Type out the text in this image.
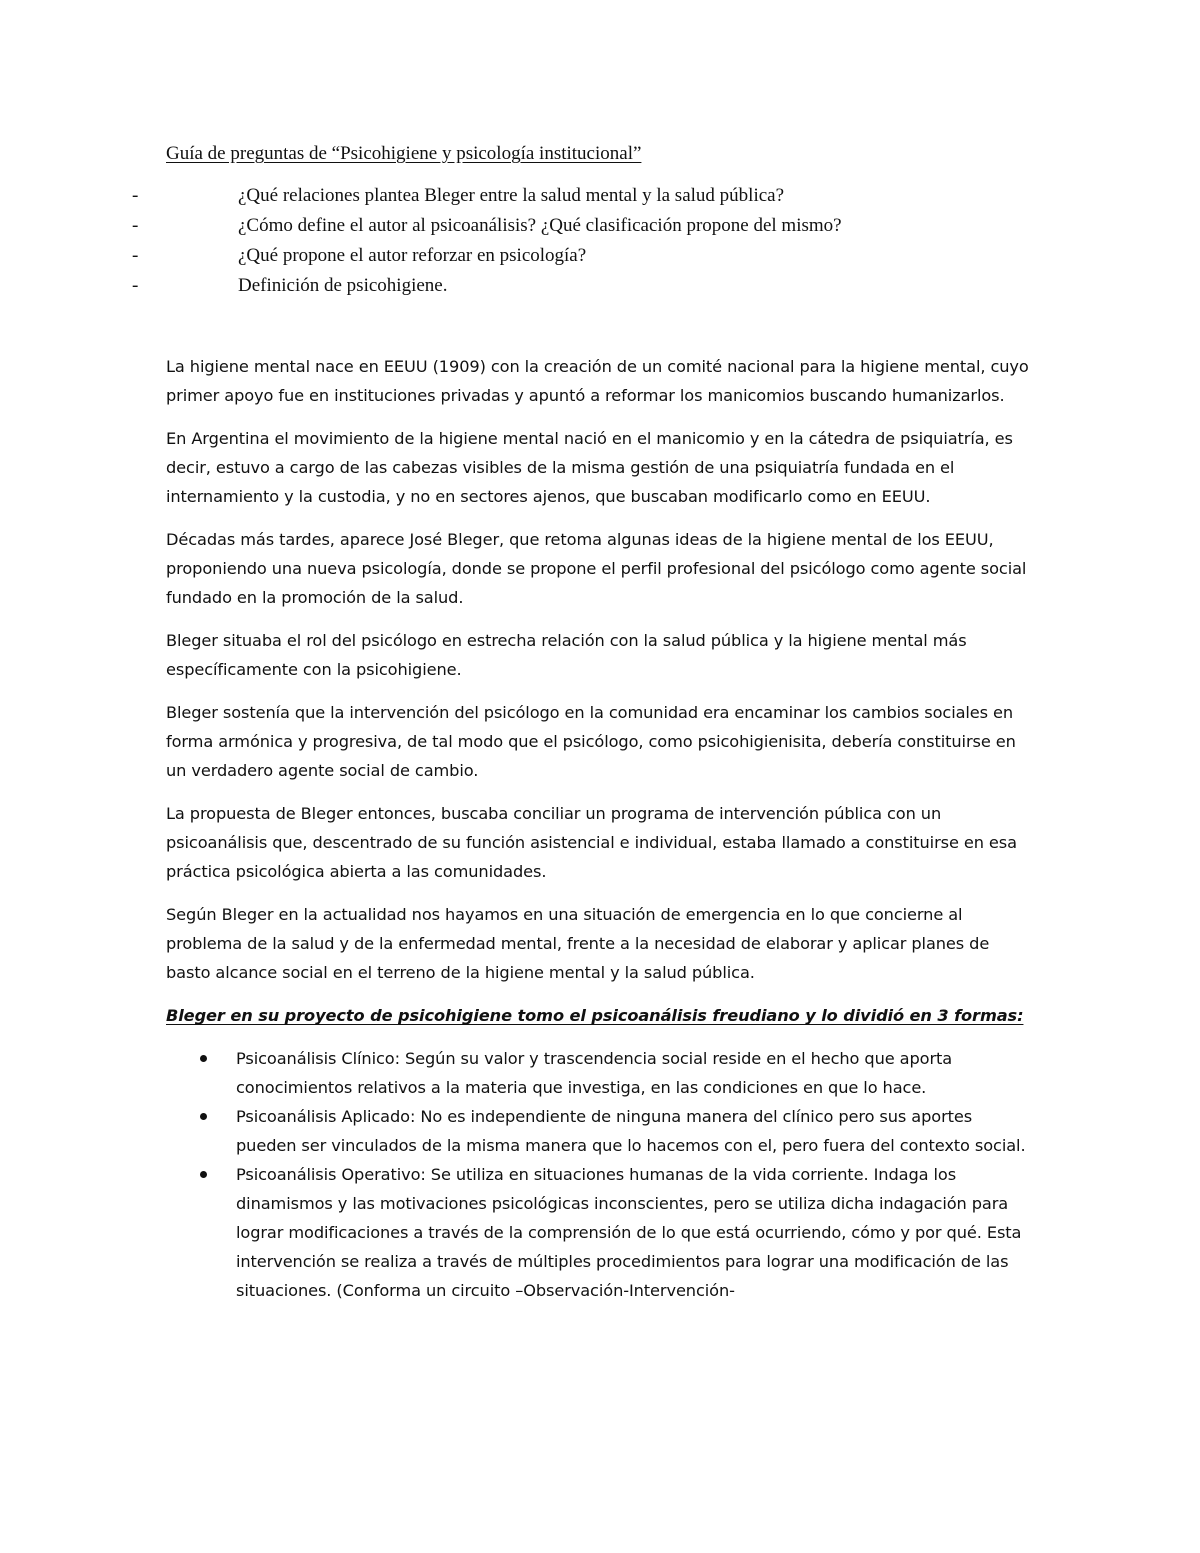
Guía de preguntas de “Psicohigiene y psicología institucional”
-	¿Qué relaciones plantea Bleger entre la salud mental y la salud pública?
-	¿Cómo define el autor al psicoanálisis? ¿Qué clasificación propone del mismo?
-	¿Qué propone el autor reforzar en psicología?
-	Definición de psicohigiene.

La higiene mental nace en EEUU (1909) con la creación de un comité nacional para la higiene mental, cuyo primer apoyo fue en instituciones privadas y apuntó a reformar los manicomios buscando humanizarlos.

En Argentina el movimiento de la higiene mental nació en el manicomio y en la cátedra de psiquiatría, es decir, estuvo a cargo de las cabezas visibles de la misma gestión de una psiquiatría fundada en el internamiento y la custodia, y no en sectores ajenos, que buscaban modificarlo como en EEUU.

Décadas más tardes, aparece José Bleger, que retoma algunas ideas de la higiene mental de los EEUU, proponiendo una nueva psicología, donde se propone el perfil profesional del psicólogo como agente social fundado en la promoción de la salud.

Bleger situaba el rol del psicólogo en estrecha relación con la salud pública y la higiene mental más específicamente con la psicohigiene.

Bleger sostenía que la intervención del psicólogo en la comunidad era encaminar los cambios sociales en forma armónica y progresiva, de tal modo que el psicólogo, como psicohigienisita, debería constituirse en un verdadero agente social de cambio.

La propuesta de Bleger entonces, buscaba conciliar un programa de intervención pública con un psicoanálisis que, descentrado de su función asistencial e individual, estaba llamado a constituirse en esa práctica psicológica abierta a las comunidades.

Según Bleger en la actualidad nos hayamos en una situación de emergencia en lo que concierne al problema de la salud y de la enfermedad mental, frente a la necesidad de elaborar y aplicar planes de basto alcance social en el terreno de la higiene mental y la salud pública.

Bleger en su proyecto de psicohigiene tomo el psicoanálisis freudiano y lo dividió en 3 formas:
Psicoanálisis Clínico: Según su valor y trascendencia social reside en el hecho que aporta conocimientos relativos a la materia que investiga, en las condiciones en que lo hace.
Psicoanálisis Aplicado: No es independiente de ninguna manera del clínico pero sus aportes pueden ser vinculados de la misma manera que lo hacemos con el, pero fuera del contexto social.
Psicoanálisis Operativo: Se utiliza en situaciones humanas de la vida corriente. Indaga los dinamismos y las motivaciones psicológicas inconscientes, pero se utiliza dicha indagación para lograr modificaciones a través de la comprensión de lo que está ocurriendo, cómo y por qué. Esta intervención se realiza a través de múltiples procedimientos para lograr una modificación de las situaciones. (Conforma un circuito –Observación-Intervención-
